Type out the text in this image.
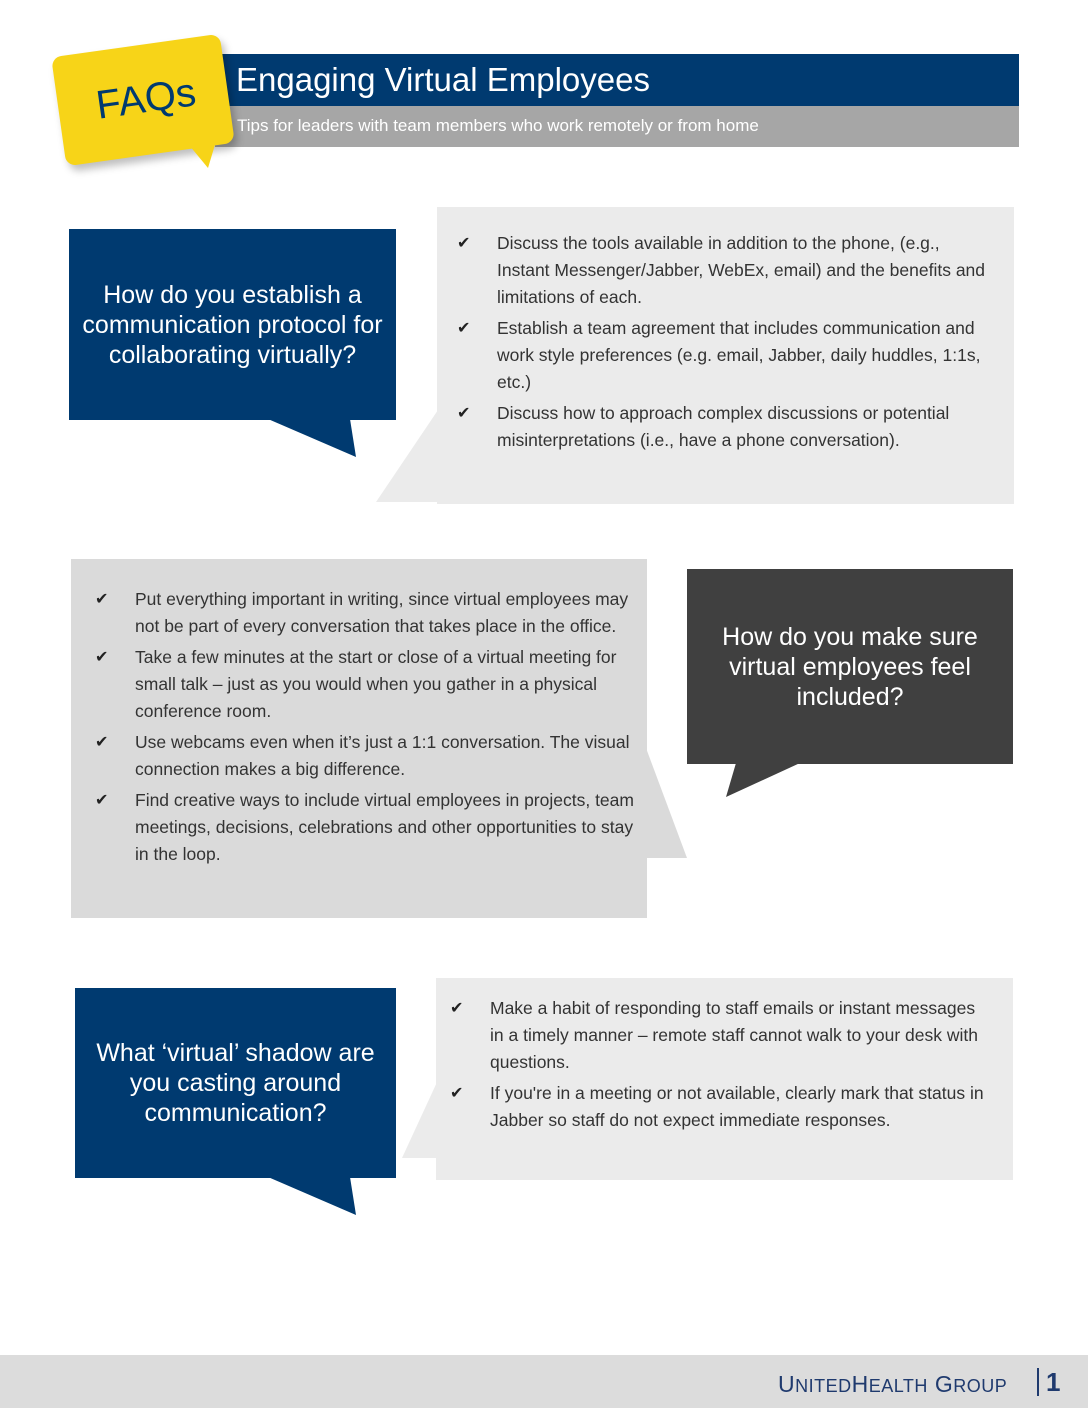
Engaging Virtual Employees
Tips for leaders with team members who work remotely or from home
FAQs
✔ Discuss the tools available in addition to the phone, (e.g., Instant Messenger/Jabber, WebEx, email) and the benefits and limitations of each.
✔ Establish a team agreement that includes communication and work style preferences (e.g. email, Jabber, daily huddles, 1:1s, etc.)
✔ Discuss how to approach complex discussions or potential misinterpretations (i.e., have a phone conversation).
How do you establish a communication protocol for collaborating virtually?
✔ Put everything important in writing, since virtual employees may not be part of every conversation that takes place in the office.
✔ Take a few minutes at the start or close of a virtual meeting for small talk – just as you would when you gather in a physical conference room.
✔ Use webcams even when it’s just a 1:1 conversation. The visual connection makes a big difference.
✔ Find creative ways to include virtual employees in projects, team meetings, decisions, celebrations and other opportunities to stay in the loop.
How do you make sure virtual employees feel included?
✔ Make a habit of responding to staff emails or instant messages in a timely manner – remote staff cannot walk to your desk with questions.
✔ If you're in a meeting or not available, clearly mark that status in Jabber so staff do not expect immediate responses.
What ‘virtual’ shadow are you casting around communication?
UNITEDHEALTH GROUP 1
